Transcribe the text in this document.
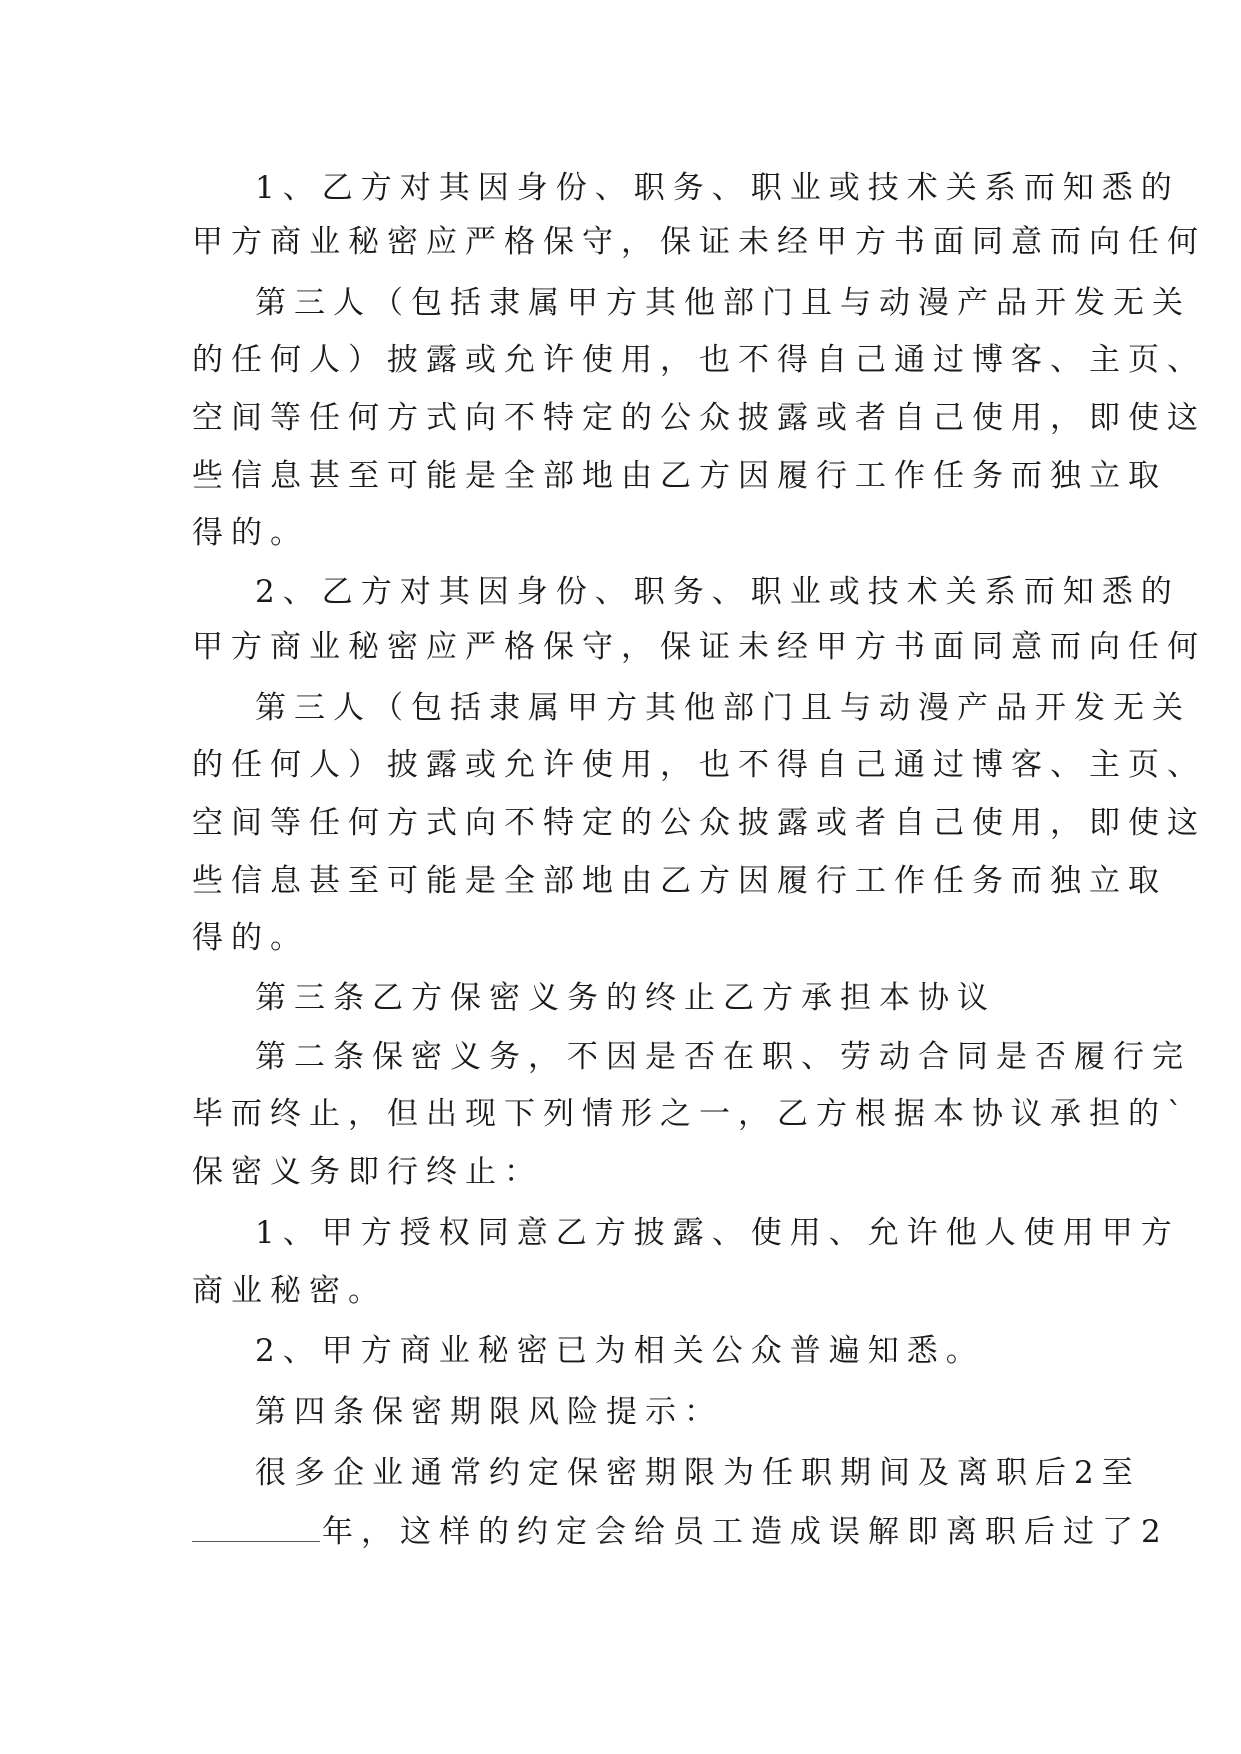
1、乙方对其因身份、职务、职业或技术关系而知悉的
甲方商业秘密应严格保守，保证未经甲方书面同意而向任何
第三人（包括隶属甲方其他部门且与动漫产品开发无关
的任何人）披露或允许使用，也不得自己通过博客、主页、
空间等任何方式向不特定的公众披露或者自己使用，即使这
些信息甚至可能是全部地由乙方因履行工作任务而独立取
得的。
2、乙方对其因身份、职务、职业或技术关系而知悉的
甲方商业秘密应严格保守，保证未经甲方书面同意而向任何
第三人（包括隶属甲方其他部门且与动漫产品开发无关
的任何人）披露或允许使用，也不得自己通过博客、主页、
空间等任何方式向不特定的公众披露或者自己使用，即使这
些信息甚至可能是全部地由乙方因履行工作任务而独立取
得的。
第三条乙方保密义务的终止乙方承担本协议
第二条保密义务，不因是否在职、劳动合同是否履行完
毕而终止，但出现下列情形之一，乙方根据本协议承担的`
保密义务即行终止：
1、甲方授权同意乙方披露、使用、允许他人使用甲方
商业秘密。
2、甲方商业秘密已为相关公众普遍知悉。
第四条保密期限风险提示：
很多企业通常约定保密期限为任职期间及离职后2至
年，这样的约定会给员工造成误解即离职后过了2
